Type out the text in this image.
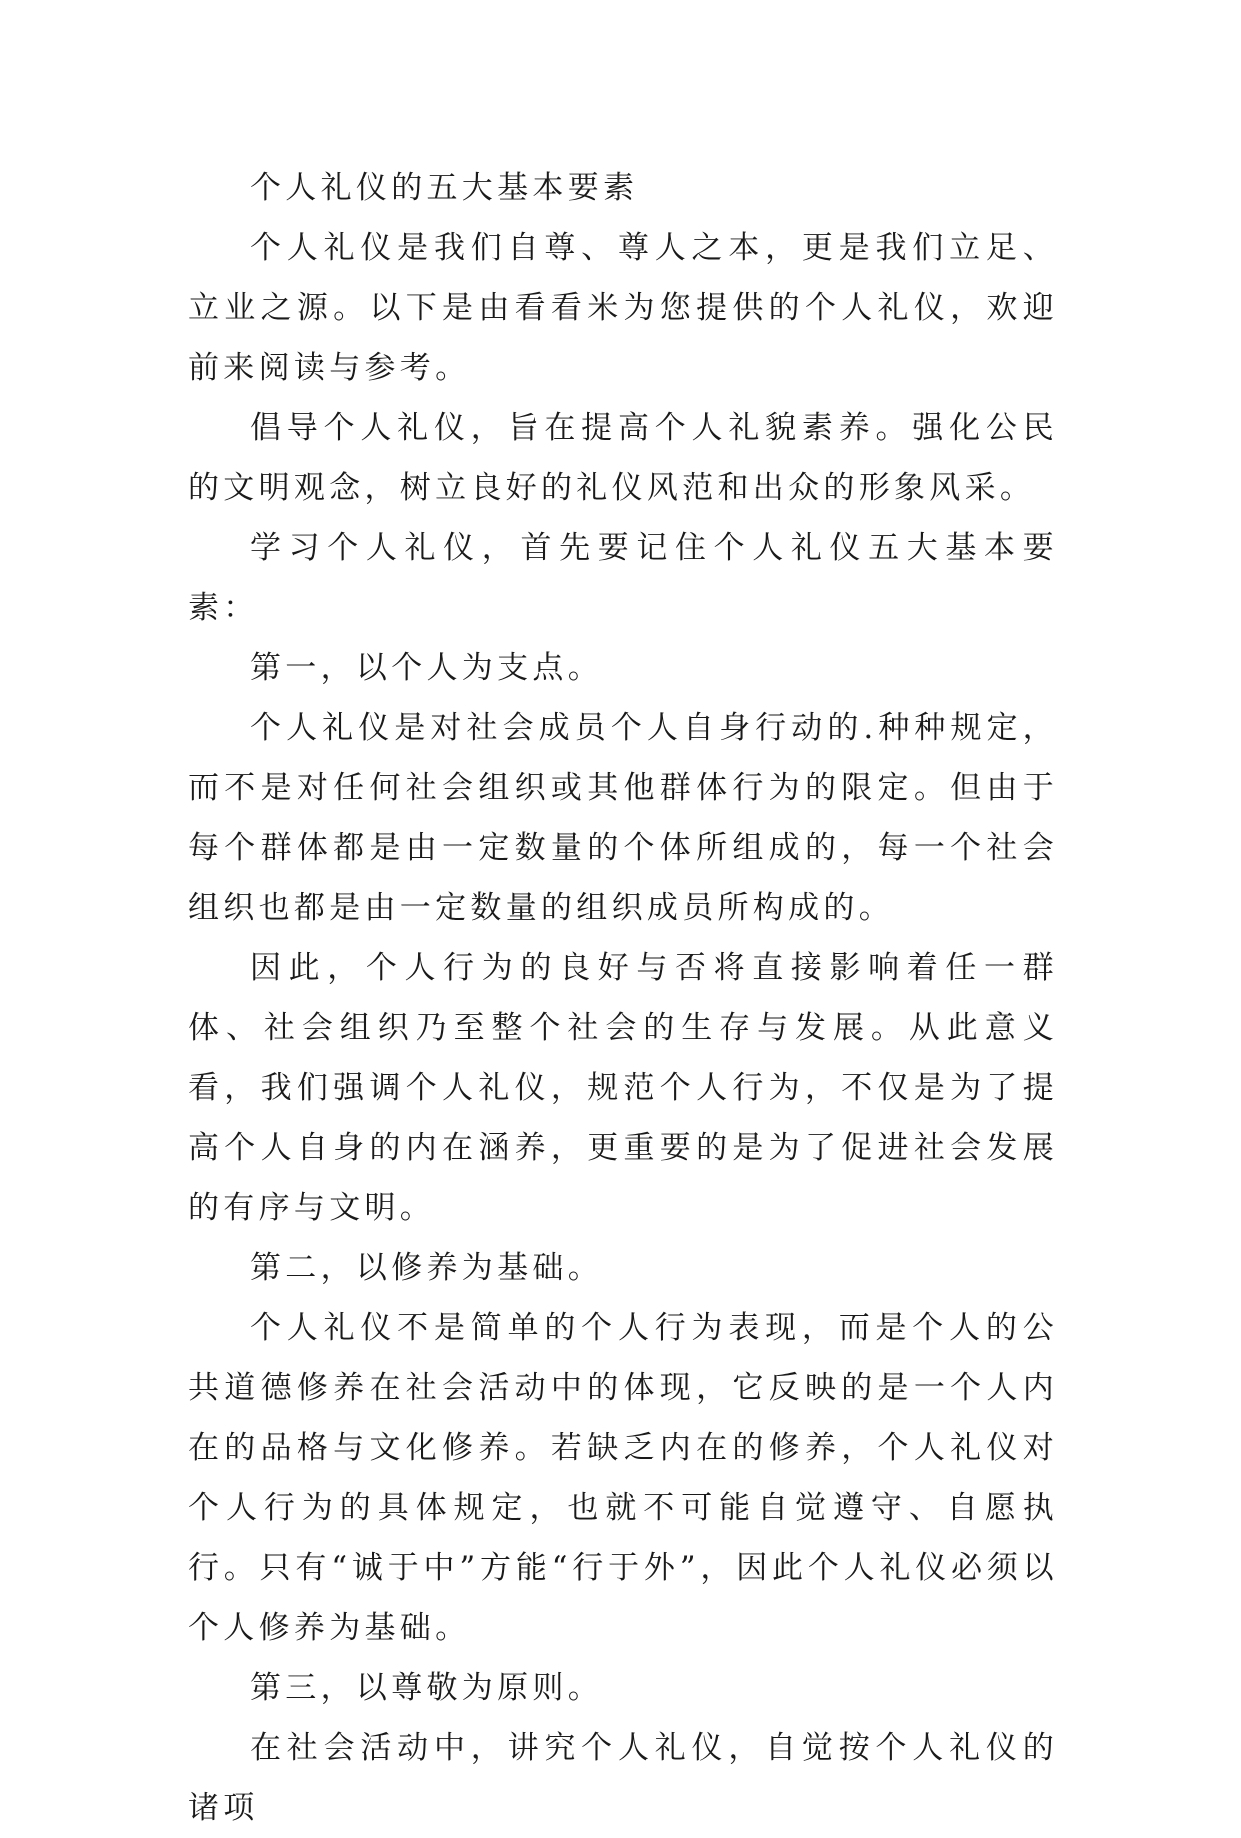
个人礼仪的五大基本要素

个人礼仪是我们自尊、尊人之本，更是我们立足、立业之源。以下是由看看米为您提供的个人礼仪，欢迎前来阅读与参考。

倡导个人礼仪，旨在提高个人礼貌素养。强化公民的文明观念，树立良好的礼仪风范和出众的形象风采。

学习个人礼仪，首先要记住个人礼仪五大基本要素：

第一，以个人为支点。

个人礼仪是对社会成员个人自身行动的.种种规定，而不是对任何社会组织或其他群体行为的限定。但由于每个群体都是由一定数量的个体所组成的，每一个社会组织也都是由一定数量的组织成员所构成的。

因此，个人行为的良好与否将直接影响着任一群体、社会组织乃至整个社会的生存与发展。从此意义看，我们强调个人礼仪，规范个人行为，不仅是为了提高个人自身的内在涵养，更重要的是为了促进社会发展的有序与文明。

第二，以修养为基础。

个人礼仪不是简单的个人行为表现，而是个人的公共道德修养在社会活动中的体现，它反映的是一个人内在的品格与文化修养。若缺乏内在的修养，个人礼仪对个人行为的具体规定，也就不可能自觉遵守、自愿执行。只有“诚于中”方能“行于外”，因此个人礼仪必须以个人修养为基础。

第三，以尊敬为原则。

在社会活动中，讲究个人礼仪，自觉按个人礼仪的诸项
